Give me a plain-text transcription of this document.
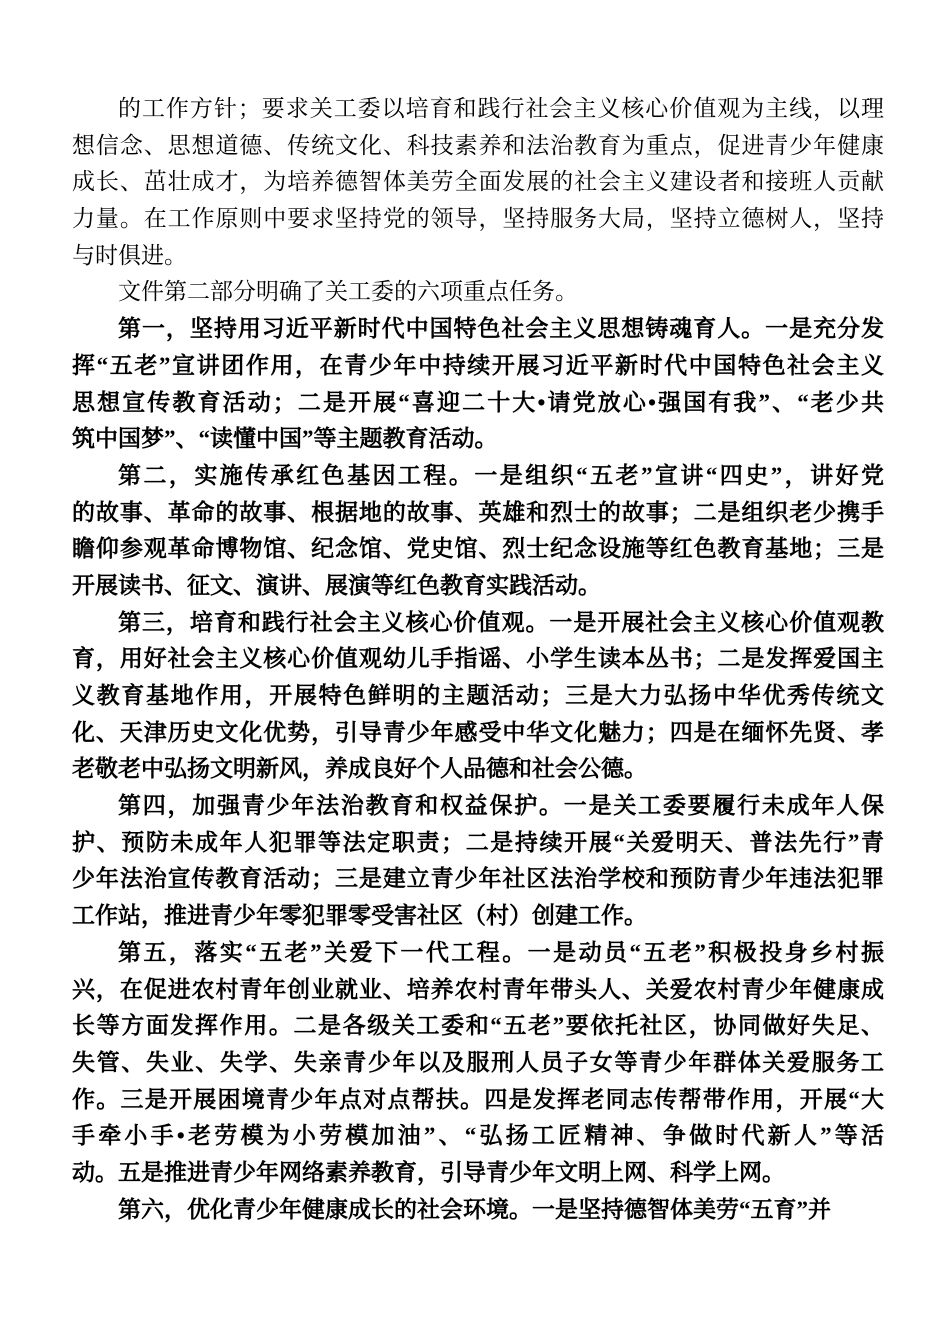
的工作方针；要求关工委以培育和践行社会主义核心价值观为主线，以理
想信念、思想道德、传统文化、科技素养和法治教育为重点，促进青少年健康
成长、茁壮成才，为培养德智体美劳全面发展的社会主义建设者和接班人贡献
力量。在工作原则中要求坚持党的领导，坚持服务大局，坚持立德树人，坚持
与时俱进。
文件第二部分明确了关工委的六项重点任务。
第一，坚持用习近平新时代中国特色社会主义思想铸魂育人。一是充分发
挥“五老”宣讲团作用，在青少年中持续开展习近平新时代中国特色社会主义
思想宣传教育活动；二是开展“喜迎二十大•请党放心•强国有我”、“老少共
筑中国梦”、“读懂中国”等主题教育活动。
第二，实施传承红色基因工程。一是组织“五老”宣讲“四史”，讲好党
的故事、革命的故事、根据地的故事、英雄和烈士的故事；二是组织老少携手
瞻仰参观革命博物馆、纪念馆、党史馆、烈士纪念设施等红色教育基地；三是
开展读书、征文、演讲、展演等红色教育实践活动。
第三，培育和践行社会主义核心价值观。一是开展社会主义核心价值观教
育，用好社会主义核心价值观幼儿手指谣、小学生读本丛书；二是发挥爱国主
义教育基地作用，开展特色鲜明的主题活动；三是大力弘扬中华优秀传统文
化、天津历史文化优势，引导青少年感受中华文化魅力；四是在缅怀先贤、孝
老敬老中弘扬文明新风，养成良好个人品德和社会公德。
第四，加强青少年法治教育和权益保护。一是关工委要履行未成年人保
护、预防未成年人犯罪等法定职责；二是持续开展“关爱明天、普法先行”青
少年法治宣传教育活动；三是建立青少年社区法治学校和预防青少年违法犯罪
工作站，推进青少年零犯罪零受害社区（村）创建工作。
第五，落实“五老”关爱下一代工程。一是动员“五老”积极投身乡村振
兴，在促进农村青年创业就业、培养农村青年带头人、关爱农村青少年健康成
长等方面发挥作用。二是各级关工委和“五老”要依托社区，协同做好失足、
失管、失业、失学、失亲青少年以及服刑人员子女等青少年群体关爱服务工
作。三是开展困境青少年点对点帮扶。四是发挥老同志传帮带作用，开展“大
手牵小手•老劳模为小劳模加油”、“弘扬工匠精神、争做时代新人”等活
动。五是推进青少年网络素养教育，引导青少年文明上网、科学上网。
第六，优化青少年健康成长的社会环境。一是坚持德智体美劳“五育”并
